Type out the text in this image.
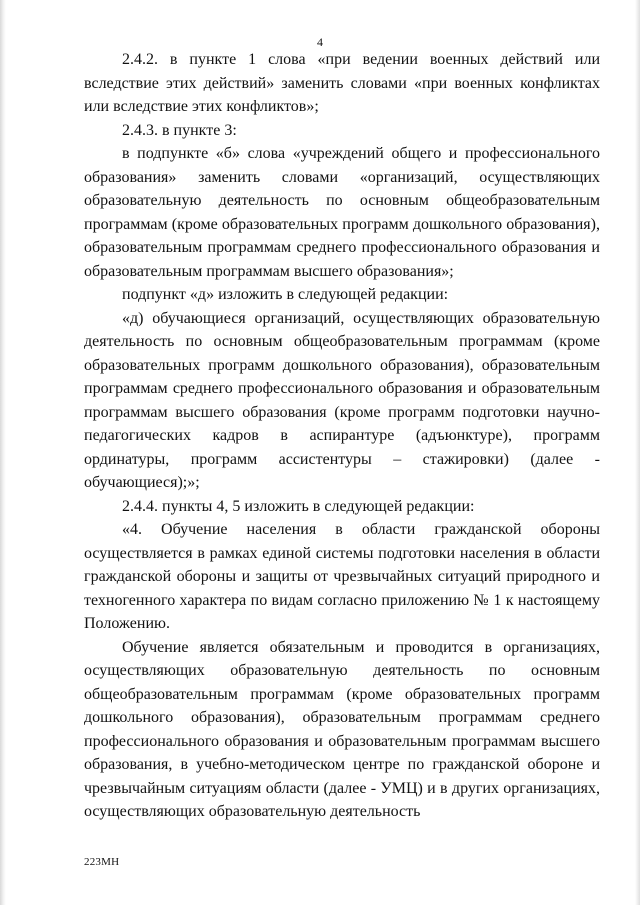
4

2.4.2. в пункте 1 слова «при ведении военных действий или вследствие этих действий» заменить словами «при военных конфликтах или вследствие этих конфликтов»;

2.4.3. в пункте 3:

в подпункте «б» слова «учреждений общего и профессионального образования» заменить словами «организаций, осуществляющих образовательную деятельность по основным общеобразовательным программам (кроме образовательных программ дошкольного образования), образовательным программам среднего профессионального образования и образовательным программам высшего образования»;

подпункт «д» изложить в следующей редакции:

«д) обучающиеся организаций, осуществляющих образовательную деятельность по основным общеобразовательным программам (кроме образовательных программ дошкольного образования), образовательным программам среднего профессионального образования и образовательным программам высшего образования (кроме программ подготовки научно-педагогических кадров в аспирантуре (адъюнктуре), программ ординатуры, программ ассистентуры – стажировки) (далее - обучающиеся);»;

2.4.4. пункты 4, 5 изложить в следующей редакции:

«4. Обучение населения в области гражданской обороны осуществляется в рамках единой системы подготовки населения в области гражданской обороны и защиты от чрезвычайных ситуаций природного и техногенного характера по видам согласно приложению № 1 к настоящему Положению.

Обучение является обязательным и проводится в организациях, осуществляющих образовательную деятельность по основным общеобразовательным программам (кроме образовательных программ дошкольного образования), образовательным программам среднего профессионального образования и образовательным программам высшего образования, в учебно-методическом центре по гражданской обороне и чрезвычайным ситуациям области (далее - УМЦ) и в других организациях, осуществляющих образовательную деятельность

223МН
